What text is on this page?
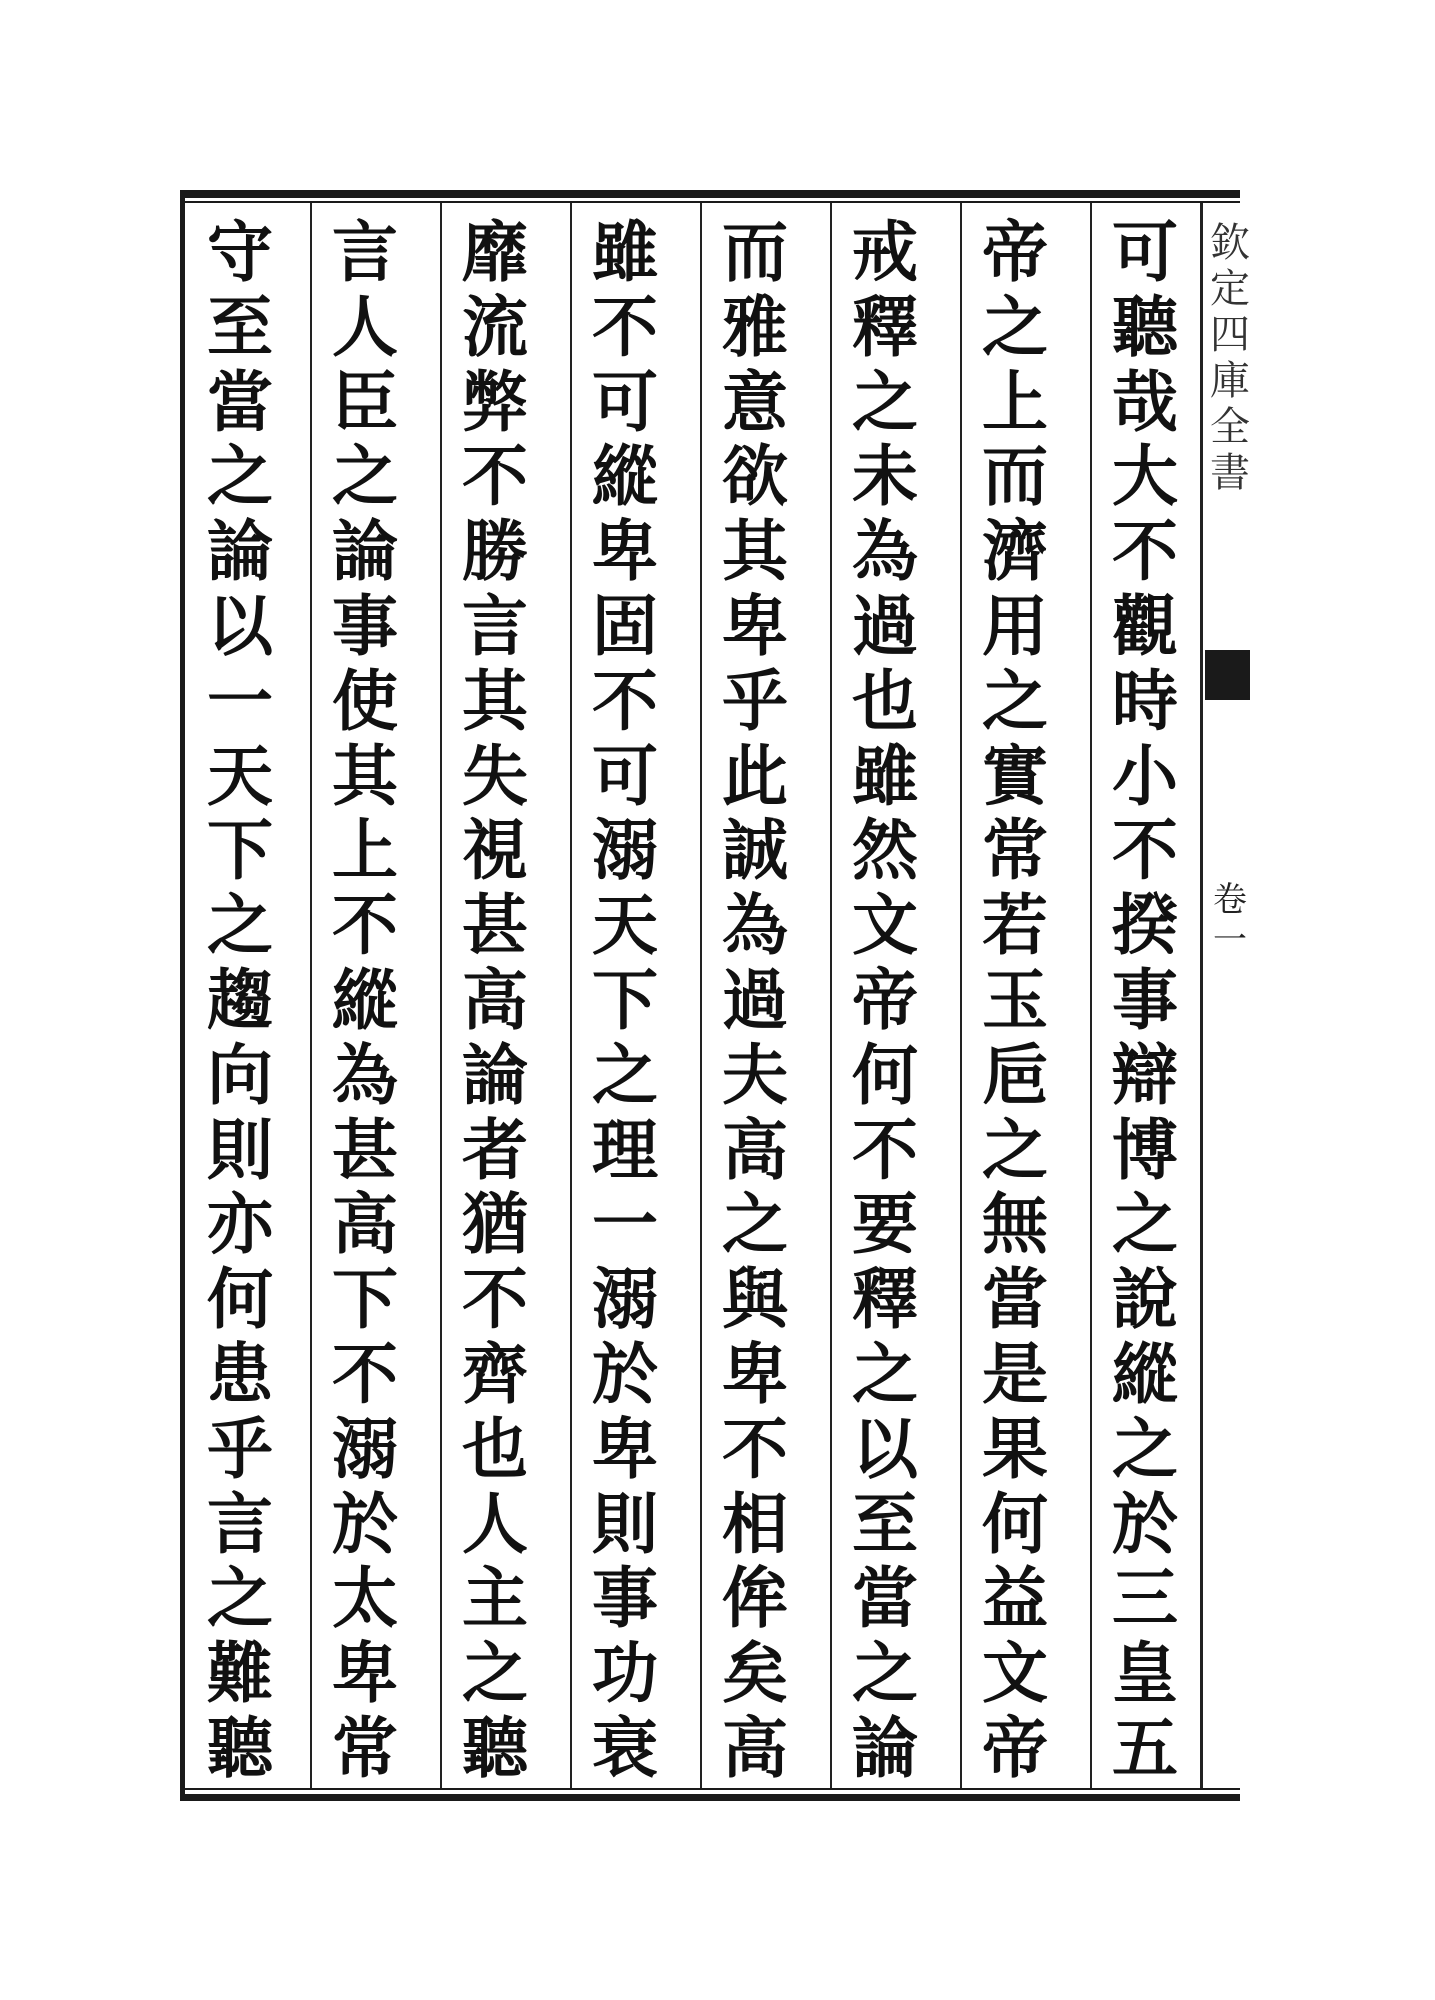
欽
定
四
庫
全
書
卷
一
可
聽
哉
大
不
觀
時
小
不
揆
事
辯
博
之
說
縱
之
於
三
皇
五
帝
之
上
而
濟
用
之
實
常
若
玉
巵
之
無
當
是
果
何
益
文
帝
戒
釋
之
未
為
過
也
雖
然
文
帝
何
不
要
釋
之
以
至
當
之
論
而
雅
意
欲
其
卑
乎
此
誠
為
過
夫
高
之
與
卑
不
相
侔
矣
高
雖
不
可
縱
卑
固
不
可
溺
天
下
之
理
一
溺
於
卑
則
事
功
衰
靡
流
弊
不
勝
言
其
失
視
甚
高
論
者
猶
不
齊
也
人
主
之
聽
言
人
臣
之
論
事
使
其
上
不
縱
為
甚
高
下
不
溺
於
太
卑
常
守
至
當
之
論
以
一
天
下
之
趨
向
則
亦
何
患
乎
言
之
難
聽
